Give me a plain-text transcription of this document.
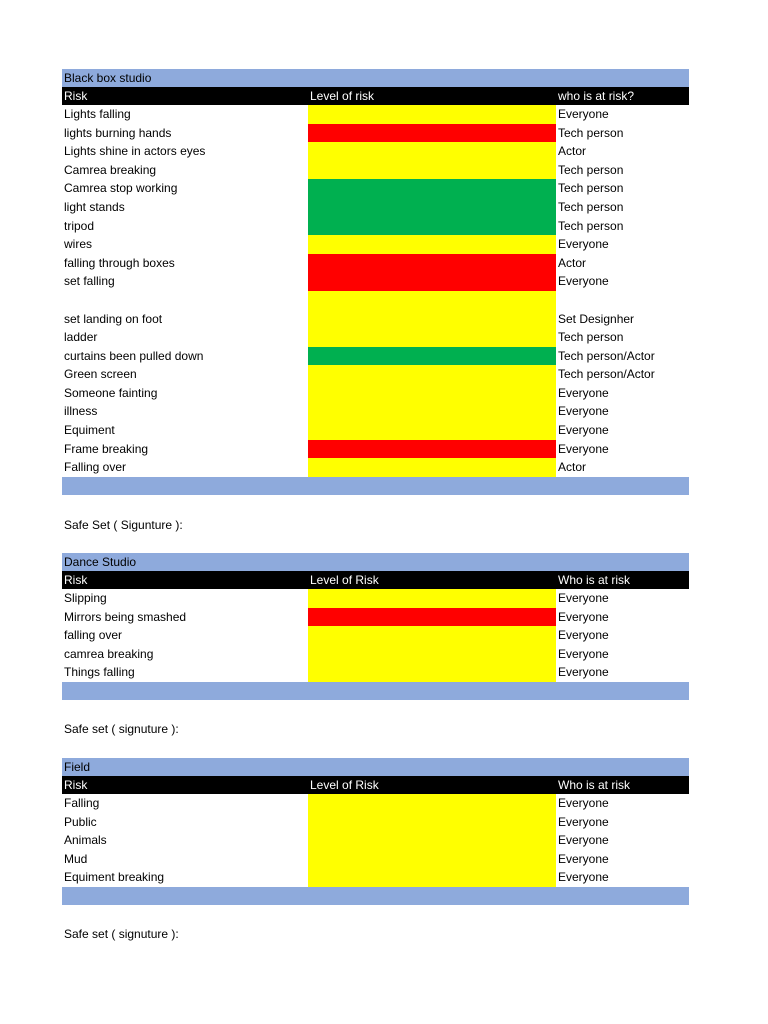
Black box studio
Risk	Level of risk	who is at risk?
Lights falling	Everyone
lights burning hands	Tech person
Lights shine in actors eyes	Actor
Camrea breaking	Tech person
Camrea stop working	Tech person
light stands	Tech person
tripod	Tech person
wires	Everyone
falling through boxes	Actor
set falling	Everyone
set landing on foot	Set Designher
ladder	Tech person
curtains been pulled down	Tech person/Actor
Green screen	Tech person/Actor
Someone fainting	Everyone
illness	Everyone
Equiment	Everyone
Frame breaking	Everyone
Falling over	Actor
Safe Set ( Sigunture ):
Dance Studio
Risk	Level of Risk	Who is at risk
Slipping	Everyone
Mirrors being smashed	Everyone
falling over	Everyone
camrea breaking	Everyone
Things falling	Everyone
Safe set ( signuture ):
Field
Risk	Level of Risk	Who is at risk
Falling	Everyone
Public	Everyone
Animals	Everyone
Mud	Everyone
Equiment breaking	Everyone
Safe set ( signuture ):
